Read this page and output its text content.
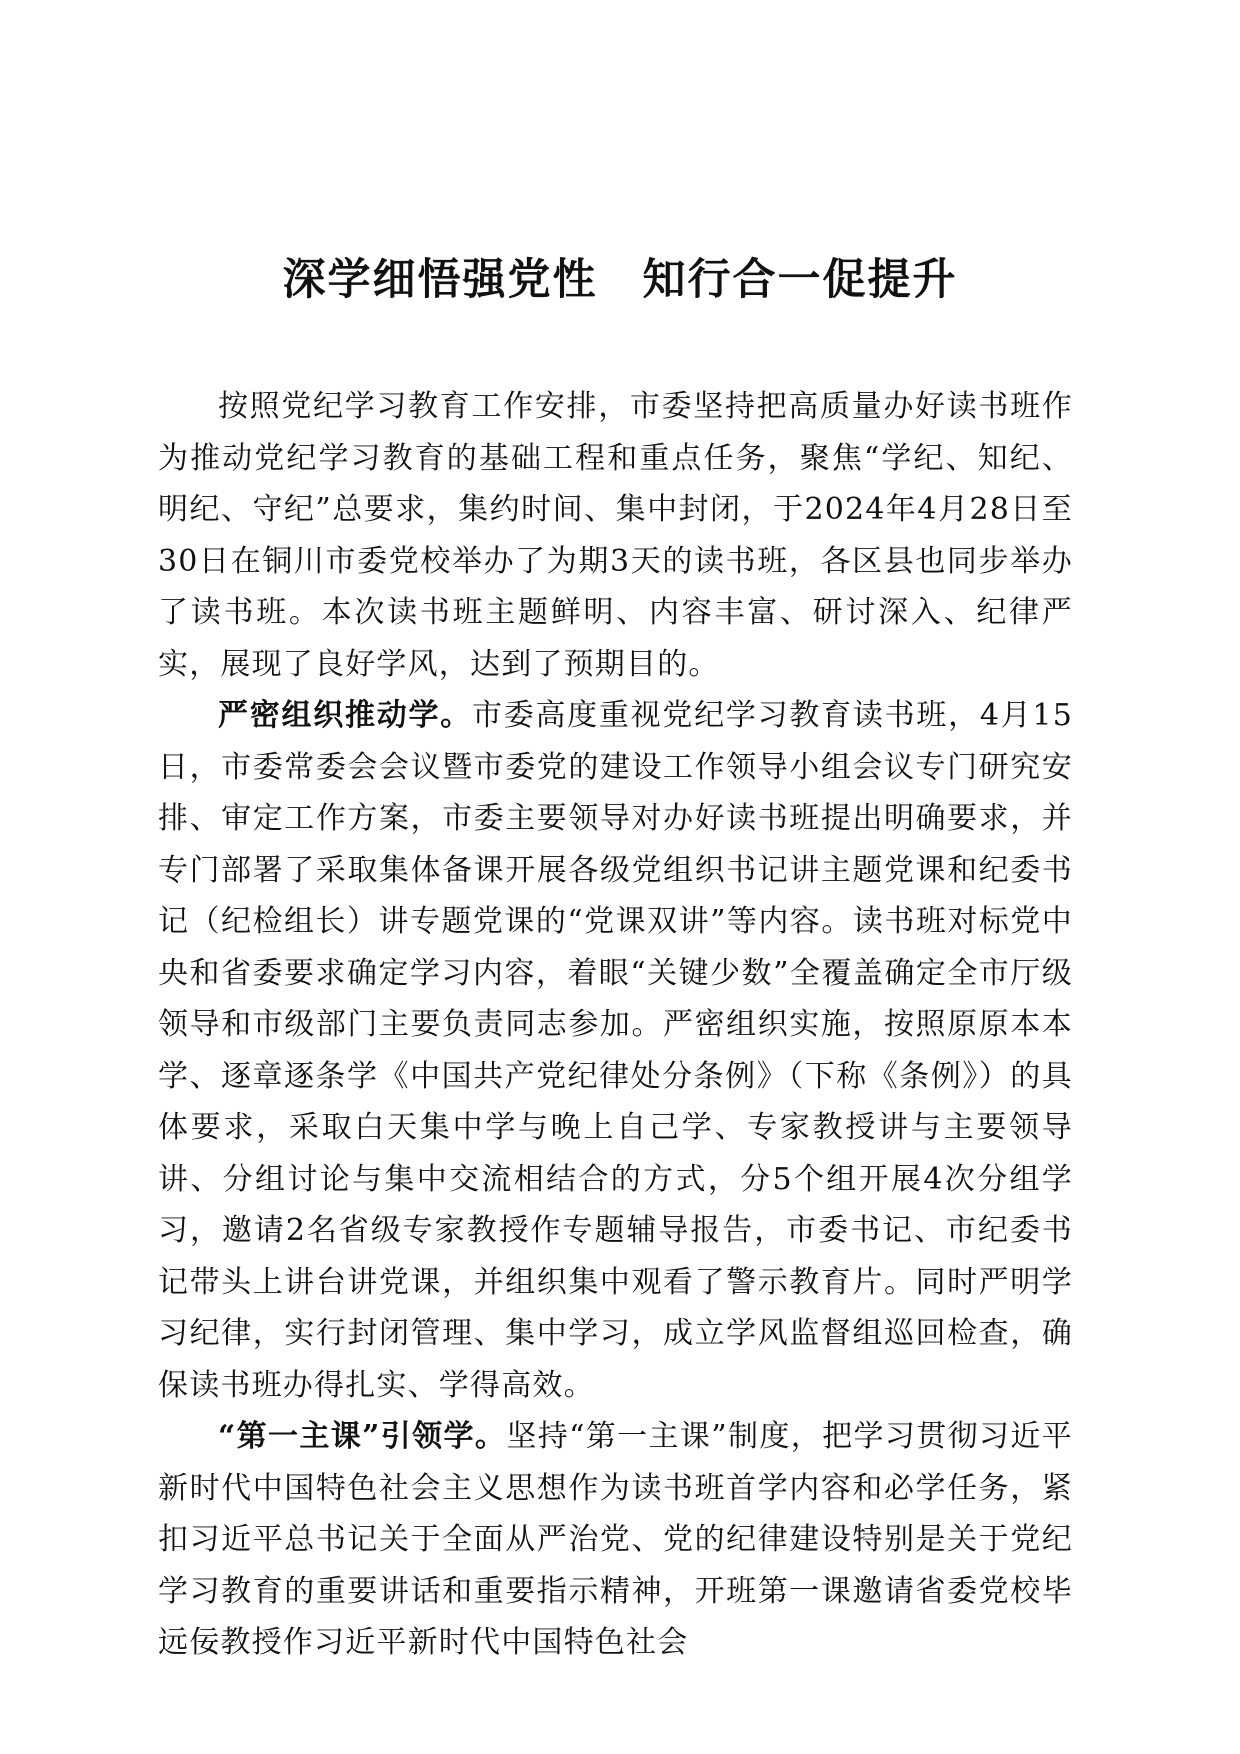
深学细悟强党性　知行合一促提升

按照党纪学习教育工作安排，市委坚持把高质量办好读书班作为推动党纪学习教育的基础工程和重点任务，聚焦“学纪、知纪、明纪、守纪”总要求，集约时间、集中封闭，于2024年4月28日至30日在铜川市委党校举办了为期3天的读书班，各区县也同步举办了读书班。本次读书班主题鲜明、内容丰富、研讨深入、纪律严实，展现了良好学风，达到了预期目的。

严密组织推动学。市委高度重视党纪学习教育读书班，4月15日，市委常委会会议暨市委党的建设工作领导小组会议专门研究安排、审定工作方案，市委主要领导对办好读书班提出明确要求，并专门部署了采取集体备课开展各级党组织书记讲主题党课和纪委书记（纪检组长）讲专题党课的“党课双讲”等内容。读书班对标党中央和省委要求确定学习内容，着眼“关键少数”全覆盖确定全市厅级领导和市级部门主要负责同志参加。严密组织实施，按照原原本本学、逐章逐条学《中国共产党纪律处分条例》（下称《条例》）的具体要求，采取白天集中学与晚上自己学、专家教授讲与主要领导讲、分组讨论与集中交流相结合的方式，分5个组开展4次分组学习，邀请2名省级专家教授作专题辅导报告，市委书记、市纪委书记带头上讲台讲党课，并组织集中观看了警示教育片。同时严明学习纪律，实行封闭管理、集中学习，成立学风监督组巡回检查，确保读书班办得扎实、学得高效。

“第一主课”引领学。坚持“第一主课”制度，把学习贯彻习近平新时代中国特色社会主义思想作为读书班首学内容和必学任务，紧扣习近平总书记关于全面从严治党、党的纪律建设特别是关于党纪学习教育的重要讲话和重要指示精神，开班第一课邀请省委党校毕远佞教授作习近平新时代中国特色社会
